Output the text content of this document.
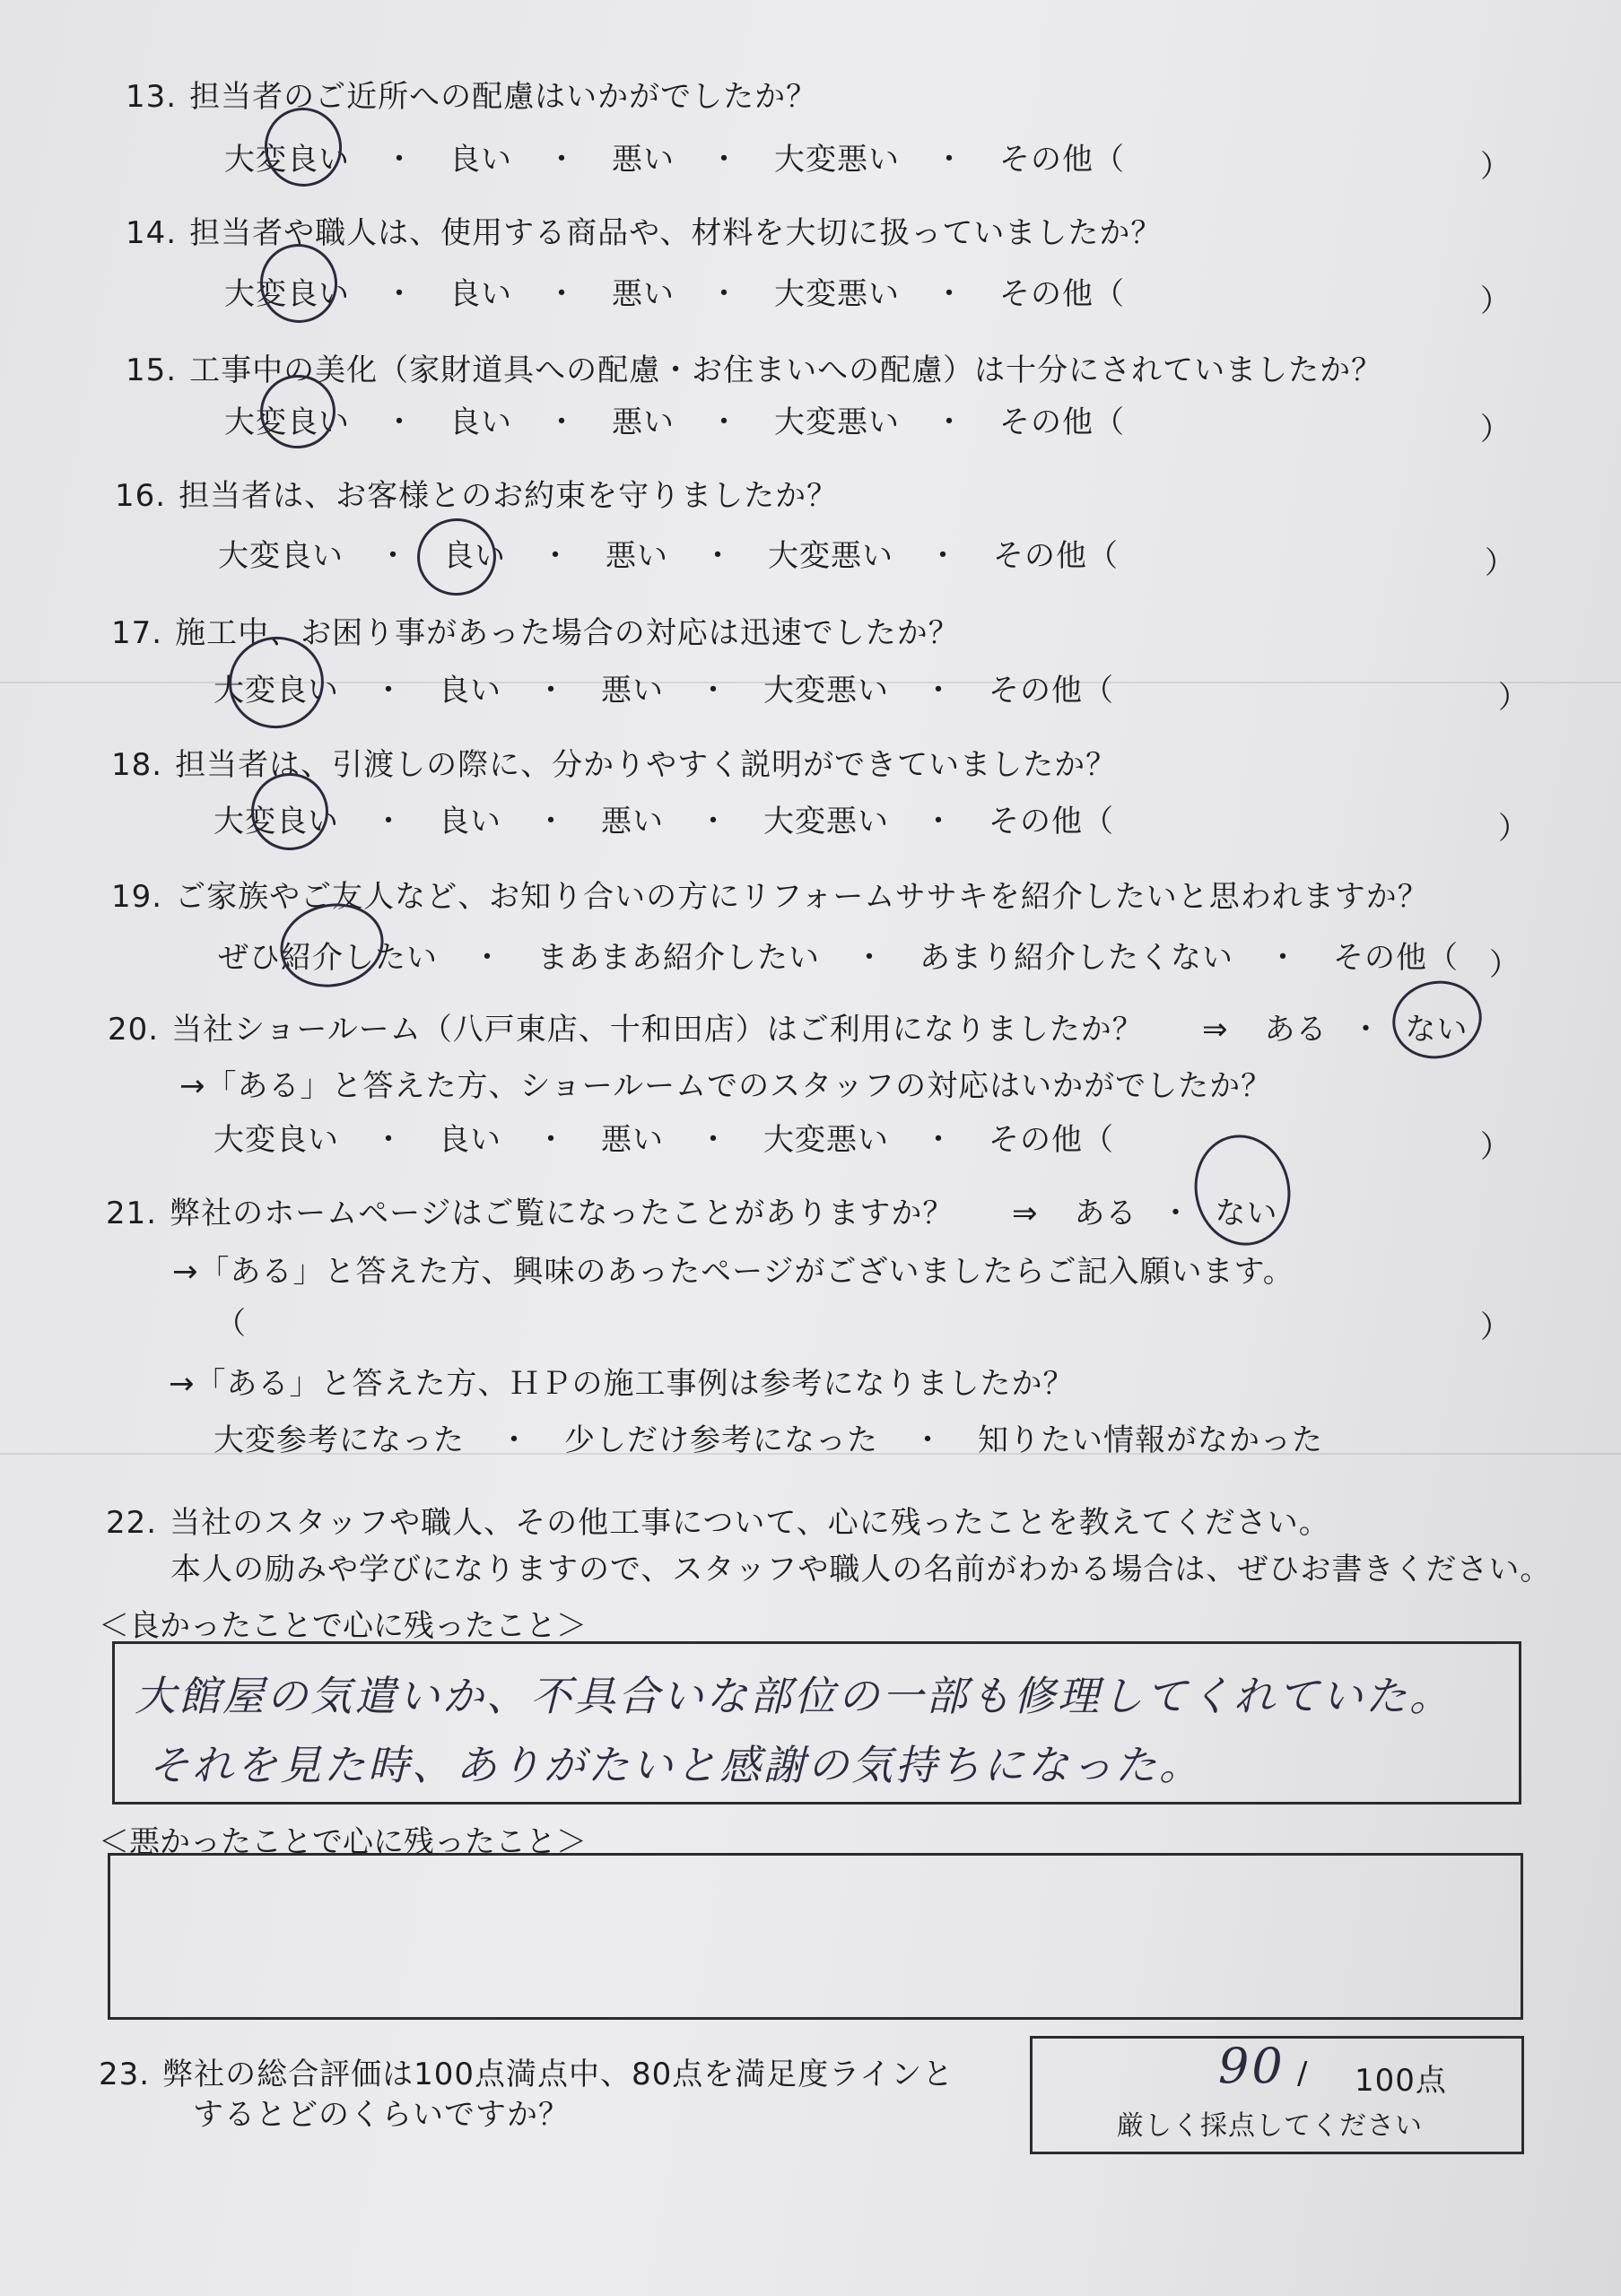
13. 担当者のご近所への配慮はいかがでしたか？
大変良い ・ 良い ・ 悪い ・ 大変悪い ・ その他（	）
14. 担当者や職人は、使用する商品や、材料を大切に扱っていましたか？
大変良い ・ 良い ・ 悪い ・ 大変悪い ・ その他（	）
15. 工事中の美化（家財道具への配慮・お住まいへの配慮）は十分にされていましたか？
大変良い ・ 良い ・ 悪い ・ 大変悪い ・ その他（	）
16. 担当者は、お客様とのお約束を守りましたか？
大変良い ・ 良い ・ 悪い ・ 大変悪い ・ その他（	）
17. 施工中、お困り事があった場合の対応は迅速でしたか？
大変良い ・ 良い ・ 悪い ・ 大変悪い ・ その他（	）
18. 担当者は、引渡しの際に、分かりやすく説明ができていましたか？
大変良い ・ 良い ・ 悪い ・ 大変悪い ・ その他（	）
19. ご家族やご友人など、お知り合いの方にリフォームササキを紹介したいと思われますか？
ぜひ紹介したい ・ まあまあ紹介したい ・ あまり紹介したくない ・ その他（ ）
20. 当社ショールーム（八戸東店、十和田店）はご利用になりましたか？ ⇒ ある ・ ない
→「ある」と答えた方、ショールームでのスタッフの対応はいかがでしたか？
大変良い ・ 良い ・ 悪い ・ 大変悪い ・ その他（	）
21. 弊社のホームページはご覧になったことがありますか？ ⇒ ある ・ ない
→「ある」と答えた方、興味のあったページがございましたらご記入願います。
（	）
→「ある」と答えた方、ＨＰの施工事例は参考になりましたか？
大変参考になった ・ 少しだけ参考になった ・ 知りたい情報がなかった
22. 当社のスタッフや職人、その他工事について、心に残ったことを教えてください。
本人の励みや学びになりますので、スタッフや職人の名前がわかる場合は、ぜひお書きください。
＜良かったことで心に残ったこと＞
大館屋の気遣いか、不具合いな部位の一部も修理してくれていた。
それを見た時、ありがたいと感謝の気持ちになった。
＜悪かったことで心に残ったこと＞
23. 弊社の総合評価は100点満点中、80点を満足度ラインと
するとどのくらいですか？
90 / 100点
厳しく採点してください
